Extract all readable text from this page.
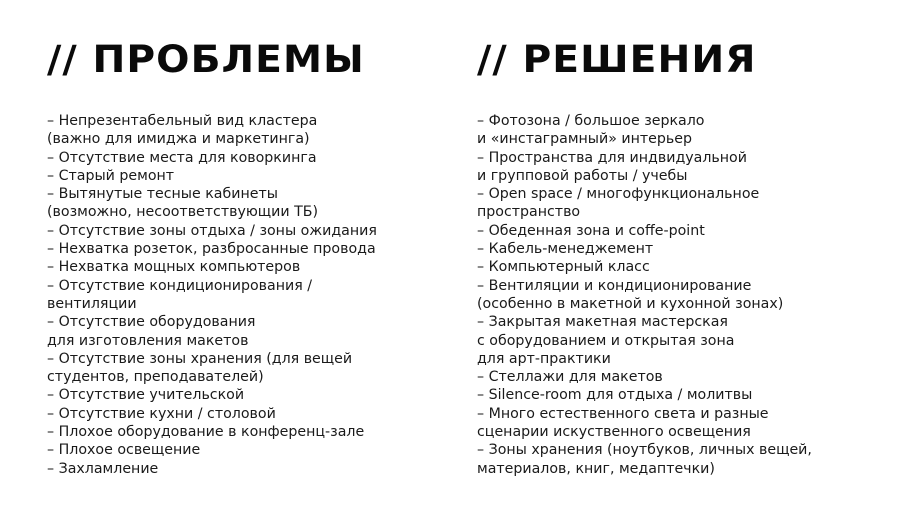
// ПРОБЛЕМЫ
– Непрезентабельный вид кластера
(важно для имиджа и маркетинга)
– Отсутствие места для коворкинга
– Старый ремонт
– Вытянутые тесные кабинеты
(возможно, несоответствующии ТБ)
– Отсутствие зоны отдыха / зоны ожидания
– Нехватка розеток, разбросанные провода
– Нехватка мощных компьютеров
– Отсутствие кондиционирования /
вентиляции
– Отсутствие оборудования
для изготовления макетов
– Отсутствие зоны хранения (для вещей
студентов, преподавателей)
– Отсутствие учительской
– Отсутствие кухни / столовой
– Плохое оборудование в конференц-зале
– Плохое освещение
– Захламление
// РЕШЕНИЯ
– Фотозона / большое зеркало
и «инстаграмный» интерьер
– Пространства для индвидуальной
и групповой работы / учебы
– Open space / многофункциональное
пространство
– Обеденная зона и coffe-point
– Кабель-менеджемент
– Компьютерный класс
– Вентиляции и кондиционирование
(особенно в макетной и кухонной зонах)
– Закрытая макетная мастерская
с оборудованием и открытая зона
для арт-практики
– Стеллажи для макетов
– Silence-room для отдыха / молитвы
– Много естественного света и разные
сценарии искуственного освещения
– Зоны хранения (ноутбуков, личных вещей,
материалов, книг, медаптечки)
